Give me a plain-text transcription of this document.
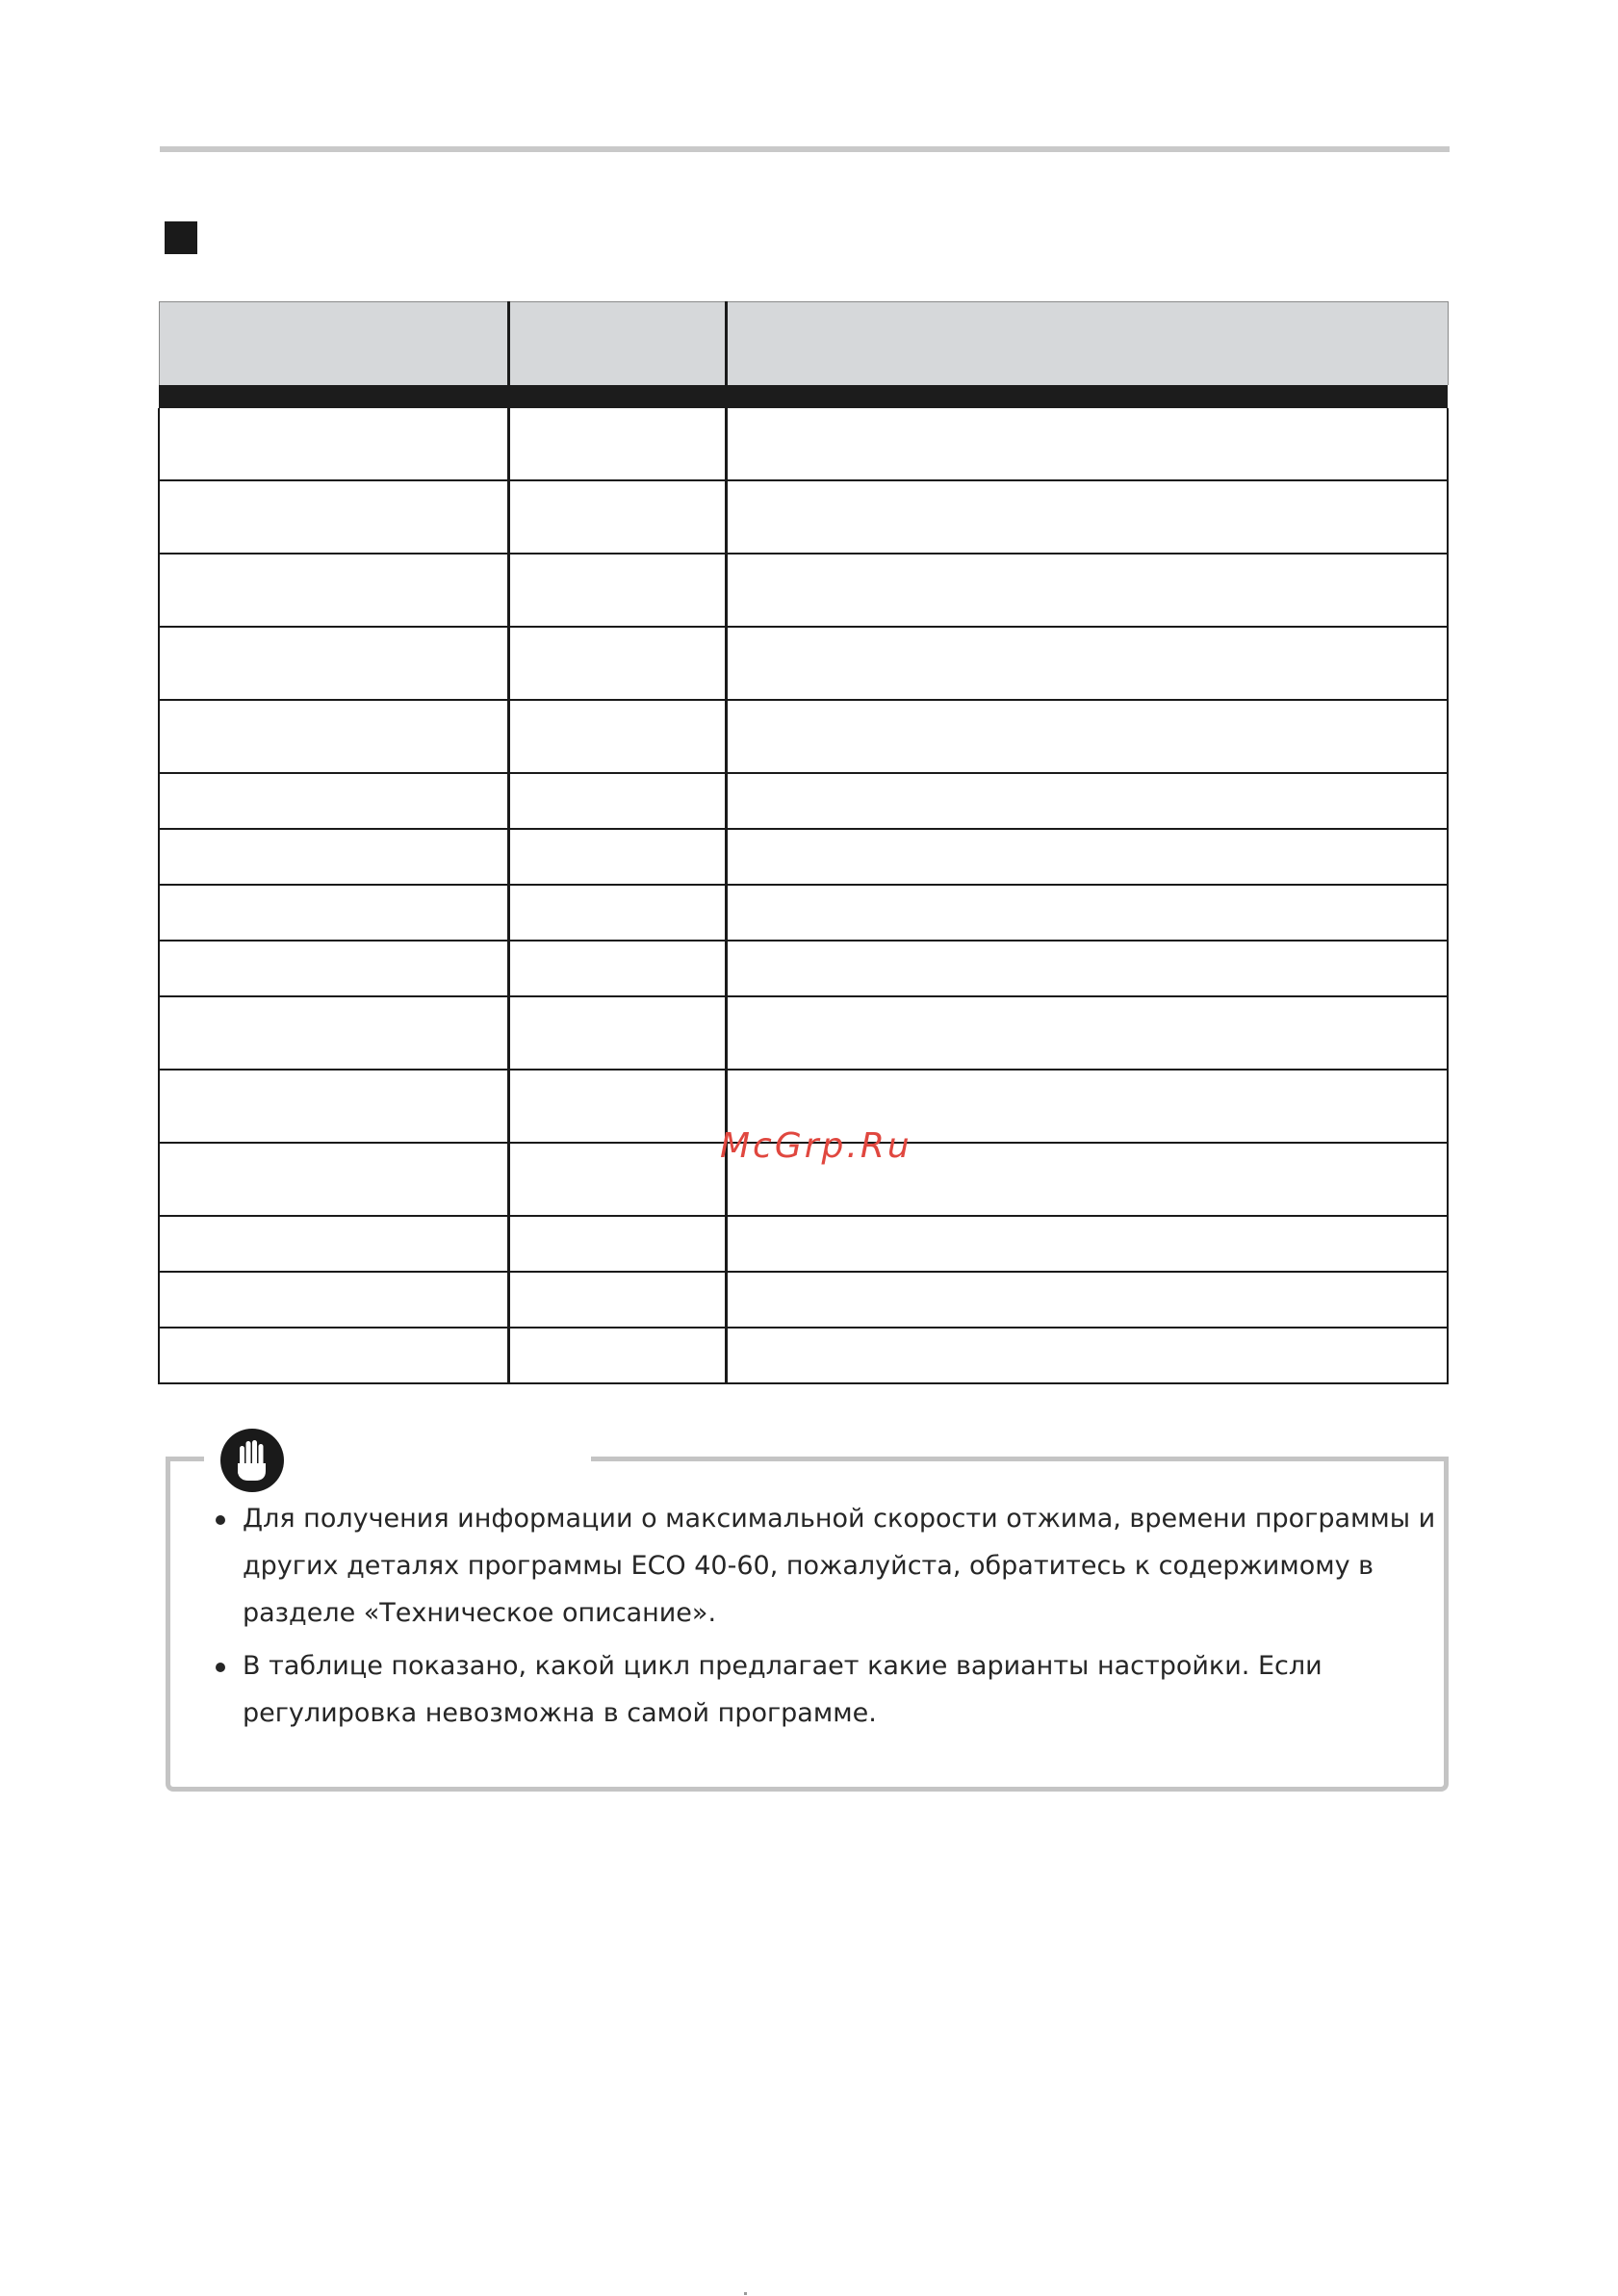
McGrp.Ru
Для получения информации о максимальной скорости отжима, времени программы и других деталях программы ECO 40-60, пожалуйста, обратитесь к содержимому в разделе «Техническое описание».
В таблице показано, какой цикл предлагает какие варианты настройки. Если регулировка невозможна в самой программе.
